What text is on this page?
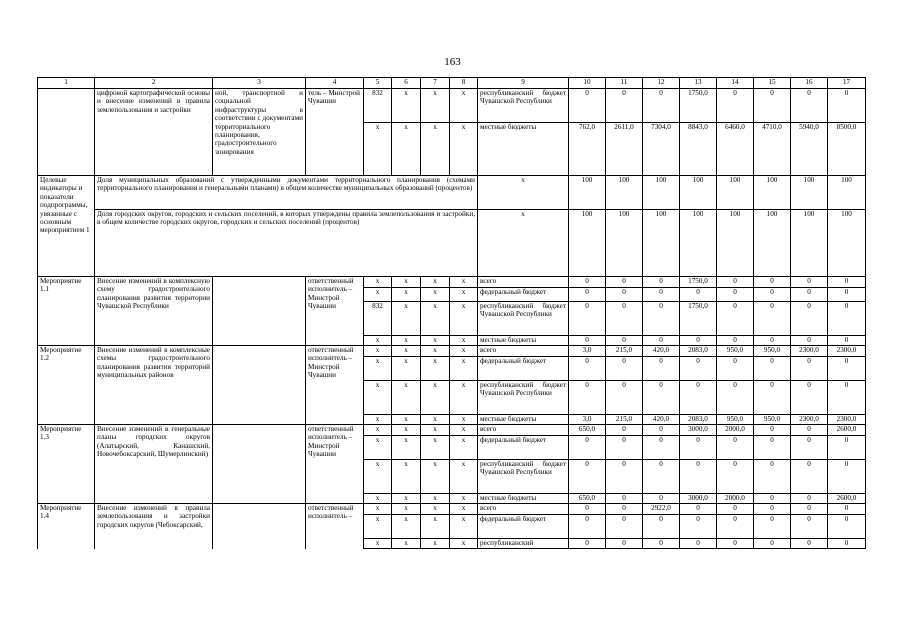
163
1	2	3	4	5	6	7	8	9	10	11	12	13	14	15	16	17
	цифровой картографической основы и внесение изменений в правила землепользования и застройки	ной, транспортной и социальной инфраструктуры в соответствии с документами территориального планирования, градостроительного зонирования	тель – Минстрой Чувашии	832	x	x	x	республиканский бюджет Чувашской Республики	0	0	0	1750,0	0	0	0	0
				x	x	x	x	местные бюджеты	762,0	2611,0	7304,0	8843,0	6460,0	4710,0	5940,0	8500,0
Целевые индикаторы и показатели подпрограммы, увязанные с основным мероприятием 1	Доля муниципальных образований с утвержденными документами территориального планирования (схемами территориального планирования и генеральными планами) в общем количестве муниципальных образований (процентов)							x	100	100	100	100	100	100	100	100
	Доля городских округов, городских и сельских поселений, в которых утверждены правила землепользования и застройки, в общем количестве городских округов, городских и сельских поселений (процентов)							x	100	100	100	100	100	100	100	100
Мероприятие 1.1	Внесение изменений в комплексную схему градостроительного планирования развития территории Чувашской Республики		ответственный исполнитель – Минстрой Чувашии	x	x	x	x	всего	0	0	0	1750,0	0	0	0	0
				x	x	x	x	федеральный бюджет	0	0	0	0	0	0	0	0
				832	x	x	x	республиканский бюджет Чувашской Республики	0	0	0	1750,0	0	0	0	0
				x	x	x	x	местные бюджеты	0	0	0	0	0	0	0	0
Мероприятие 1.2	Внесение изменений в комплексные схемы градостроительного планирования развития территорий муниципальных районов		ответственный исполнитель – Минстрой Чувашии	x	x	x	x	всего	3,0	215,0	420,0	2083,0	950,0	950,0	2300,0	2300,0
				x	x	x	x	федеральный бюджет	0	0	0	0	0	0	0	0
				x	x	x	x	республиканский бюджет Чувашской Республики	0	0	0	0	0	0	0	0
				x	x	x	x	местные бюджеты	3,0	215,0	420,0	2083,0	950,0	950,0	2300,0	2300,0
Мероприятие 1.3	Внесение изменений в генеральные планы городских округов (Алатырский, Канашский, Новочебоксарский, Шумерлинский)		ответственный исполнитель – Минстрой Чувашии	x	x	x	x	всего	650,0	0	0	3000,0	2000,0	0	0	2600,0
				x	x	x	x	федеральный бюджет	0	0	0	0	0	0	0	0
				x	x	x	x	республиканский бюджет Чувашской Республики	0	0	0	0	0	0	0	0
				x	x	x	x	местные бюджеты	650,0	0	0	3000,0	2000,0	0	0	2600,0
Мероприятие 1.4	Внесение изменений в правила землепользования и застройки городских округов (Чебоксарский,		ответственный исполнитель –	x	x	x	x	всего	0	0	2922,0	0	0	0	0	0
				x	x	x	x	федеральный бюджет	0	0	0	0	0	0	0	0
				x	x	x	x	республиканский	0	0	0	0	0	0	0	0
